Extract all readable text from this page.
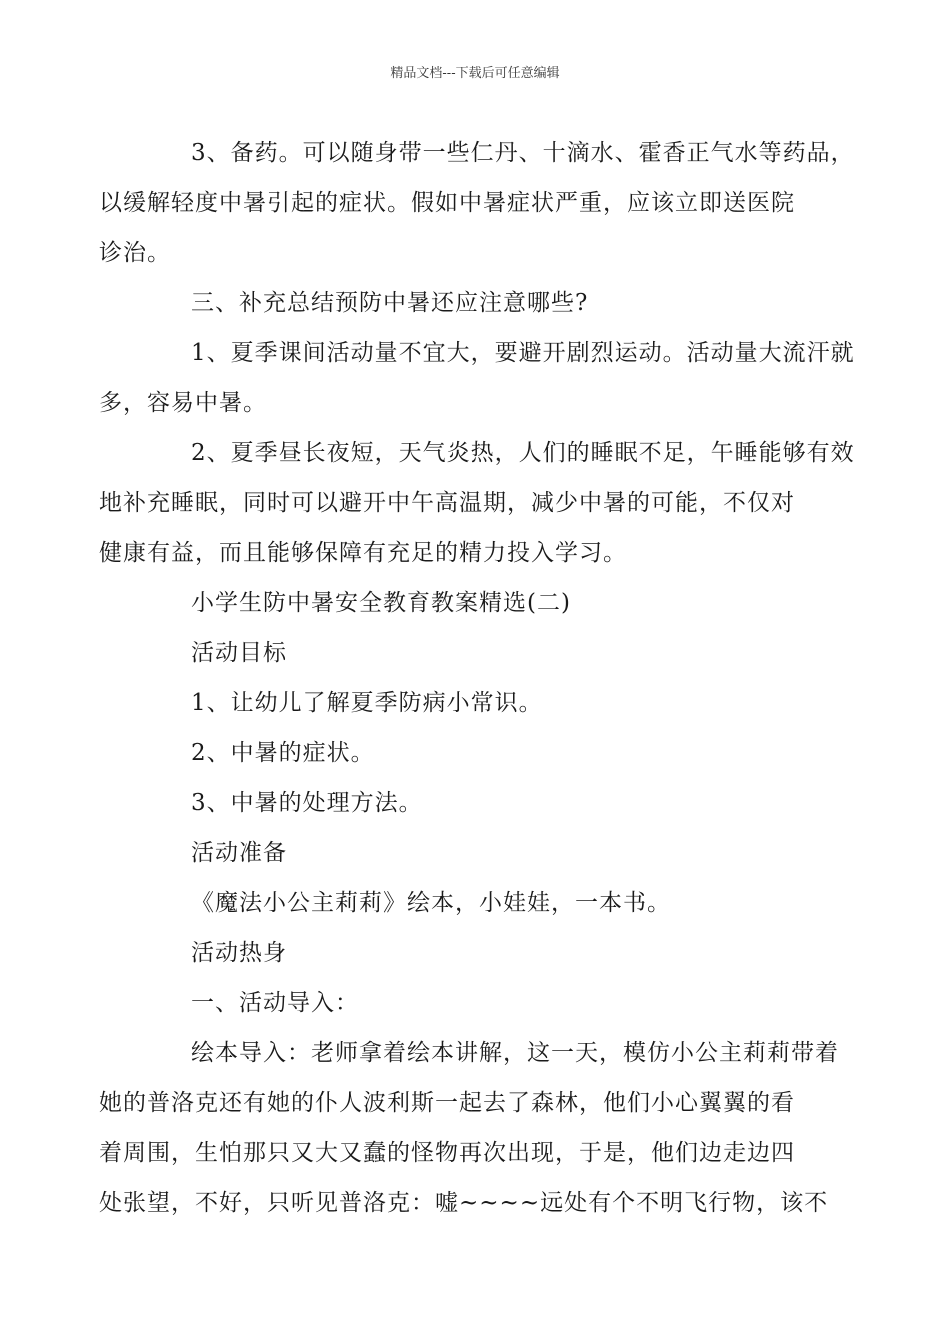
精品文档---下载后可任意编辑
3、备药。可以随身带一些仁丹、十滴水、霍香正气水等药品，
以缓解轻度中暑引起的症状。假如中暑症状严重，应该立即送医院
诊治。
三、补充总结预防中暑还应注意哪些?
1、夏季课间活动量不宜大，要避开剧烈运动。活动量大流汗就
多，容易中暑。
2、夏季昼长夜短，天气炎热，人们的睡眠不足，午睡能够有效
地补充睡眠，同时可以避开中午高温期，减少中暑的可能，不仅对
健康有益，而且能够保障有充足的精力投入学习。
小学生防中暑安全教育教案精选(二)
活动目标
1、让幼儿了解夏季防病小常识。
2、中暑的症状。
3、中暑的处理方法。
活动准备
《魔法小公主莉莉》绘本，小娃娃，一本书。
活动热身
一、活动导入：
绘本导入：老师拿着绘本讲解，这一天，模仿小公主莉莉带着
她的普洛克还有她的仆人波利斯一起去了森林，他们小心翼翼的看
着周围，生怕那只又大又蠢的怪物再次出现，于是，他们边走边四
处张望，不好，只听见普洛克：嘘~~~~远处有个不明飞行物，该不
